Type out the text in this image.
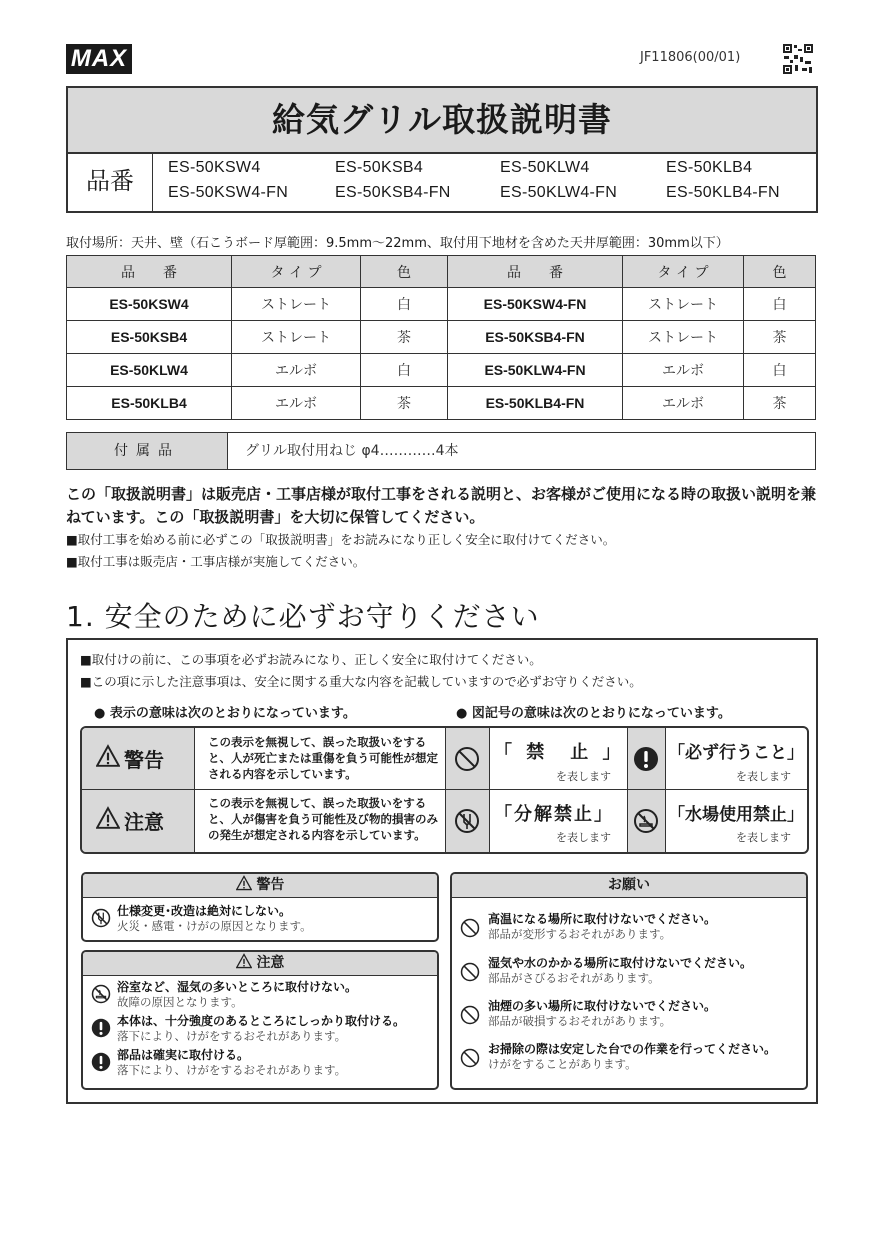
MAX	JF11806(00/01)
給気グリル取扱説明書
品番	ES-50KSW4	ES-50KSB4	ES-50KLW4	ES-50KLB4
ES-50KSW4-FN	ES-50KSB4-FN	ES-50KLW4-FN	ES-50KLB4-FN
取付場所：天井、壁（石こうボード厚範囲：9.5mm～22mm、取付用下地材を含めた天井厚範囲：30mm以下）
品　　番	タ イ プ	色	品　　番	タ イ プ	色
ES-50KSW4	ストレート	白	ES-50KSW4-FN	ストレート	白
ES-50KSB4	ストレート	茶	ES-50KSB4-FN	ストレート	茶
ES-50KLW4	エルボ	白	ES-50KLW4-FN	エルボ	白
ES-50KLB4	エルボ	茶	ES-50KLB4-FN	エルボ	茶
付属品	グリル取付用ねじ φ4…………4本
この「取扱説明書」は販売店・工事店様が取付工事をされる説明と、お客様がご使用になる時の取扱い説明を兼ねています。この「取扱説明書」を大切に保管してください。
■取付工事を始める前に必ずこの「取扱説明書」をお読みになり正しく安全に取付けてください。
■取付工事は販売店・工事店様が実施してください。
1. 安全のために必ずお守りください
■取付けの前に、この事項を必ずお読みになり、正しく安全に取付けてください。
■この項に示した注意事項は、安全に関する重大な内容を記載していますので必ずお守りください。
● 表示の意味は次のとおりになっています。	● 図記号の意味は次のとおりになっています。
警告
この表示を無視して、誤った取扱いをすると、人が死亡または重傷を負う可能性が想定される内容を示しています。
注意
この表示を無視して、誤った取扱いをすると、人が傷害を負う可能性及び物的損害のみの発生が想定される内容を示しています。
「 禁　止 」
を表します
「必ず行うこと」
を表します
「分解禁止」
を表します
「水場使用禁止」
を表します
警告
仕様変更･改造は絶対にしない。
火災・感電・けがの原因となります。
注意
浴室など、湿気の多いところに取付けない。
故障の原因となります。
本体は、十分強度のあるところにしっかり取付ける。
落下により、けがをするおそれがあります。
部品は確実に取付ける。
落下により、けがをするおそれがあります。
お願い
高温になる場所に取付けないでください。
部品が変形するおそれがあります。
湿気や水のかかる場所に取付けないでください。
部品がさびるおそれがあります。
油煙の多い場所に取付けないでください。
部品が破損するおそれがあります。
お掃除の際は安定した台での作業を行ってください。
けがをすることがあります。
